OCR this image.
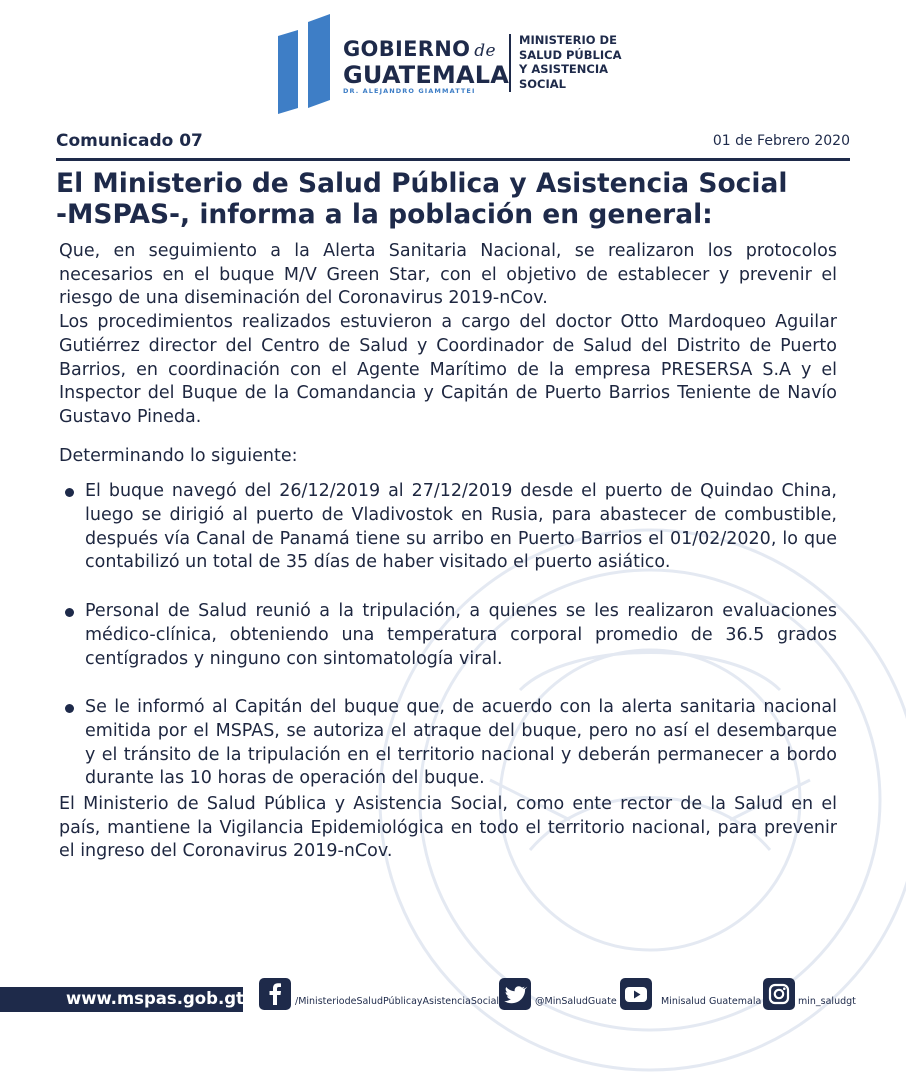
GOBIERNO de
GUATEMALA
DR. ALEJANDRO GIAMMATTEI
MINISTERIO DE
SALUD PÚBLICA
Y ASISTENCIA
SOCIAL
Comunicado 07	01 de Febrero 2020
El Ministerio de Salud Pública y Asistencia Social
-MSPAS-, informa a la población en general:

Que, en seguimiento a la Alerta Sanitaria Nacional, se realizaron los protocolos necesarios en el buque M/V Green Star, con el objetivo de establecer y prevenir el riesgo de una diseminación del Coronavirus 2019-nCov.

Los procedimientos realizados estuvieron a cargo del doctor Otto Mardoqueo Aguilar Gutiérrez director del Centro de Salud y Coordinador de Salud del Distrito de Puerto Barrios, en coordinación con el Agente Marítimo de la empresa PRESERSA S.A y el Inspector del Buque de la Comandancia y Capitán de Puerto Barrios Teniente de Navío Gustavo Pineda.

Determinando lo siguiente:

El buque navegó del 26/12/2019 al 27/12/2019 desde el puerto de Quindao China, luego se dirigió al puerto de Vladivostok en Rusia, para abastecer de combustible, después vía Canal de Panamá tiene su arribo en Puerto Barrios el 01/02/2020, lo que contabilizó un total de 35 días de haber visitado el puerto asiático.
Personal de Salud reunió a la tripulación, a quienes se les realizaron evaluaciones médico-clínica, obteniendo una temperatura corporal promedio de 36.5 grados centígrados y ninguno con sintomatología viral.
Se le informó al Capitán del buque que, de acuerdo con la alerta sanitaria nacional emitida por el MSPAS, se autoriza el atraque del buque, pero no así el desembarque y el tránsito de la tripulación en el territorio nacional y deberán permanecer a bordo durante las 10 horas de operación del buque.

El Ministerio de Salud Pública y Asistencia Social, como ente rector de la Salud en el país, mantiene la Vigilancia Epidemiológica en todo el territorio nacional, para prevenir el ingreso del Coronavirus 2019-nCov.

www.mspas.gob.gt	/MinisteriodeSaludPúblicayAsistenciaSocial	@MinSaludGuate	Minisalud Guatemala	min_saludgt
